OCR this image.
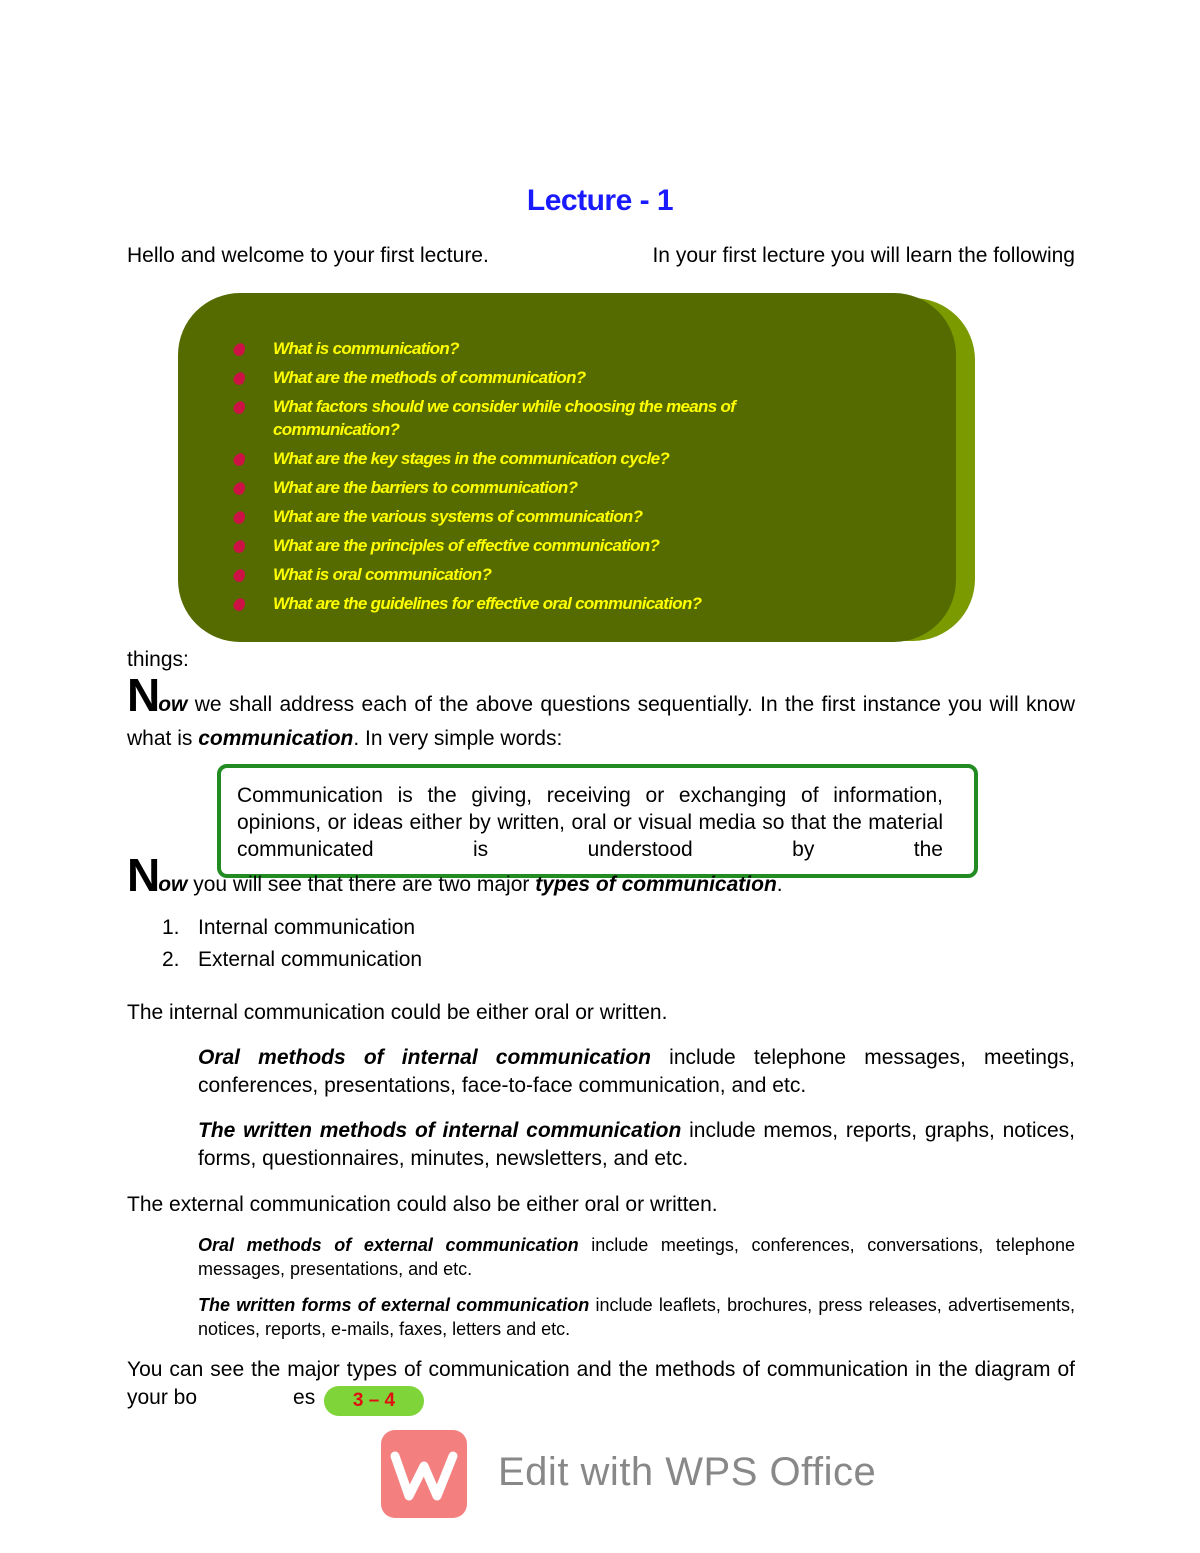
Lecture - 1
Hello and welcome to your first lecture.	In your first lecture you will learn the following
What is communication?
What are the methods of communication?
What factors should we consider while choosing the means of communication?
What are the key stages in the communication cycle?
What are the barriers to communication?
What are the various systems of communication?
What are the principles of effective communication?
What is oral communication?
What are the guidelines for effective oral communication?
things:
Now we shall address each of the above questions sequentially. In the first instance you will know what is communication. In very simple words:
Communication is the giving, receiving or exchanging of information, opinions, or ideas either by written, oral or visual media so that the material communicated is understood by the
Now you will see that there are two major types of communication.
1. Internal communication
2. External communication
The internal communication could be either oral or written.
Oral methods of internal communication include telephone messages, meetings, conferences, presentations, face-to-face communication, and etc.
The written methods of internal communication include memos, reports, graphs, notices, forms, questionnaires, minutes, newsletters, and etc.
The external communication could also be either oral or written.
Oral methods of external communication include meetings, conferences, conversations, telephone messages, presentations, and etc.
The written forms of external communication include leaflets, brochures, press releases, advertisements, notices, reports, e-mails, faxes, letters and etc.
You can see the major types of communication and the methods of communication in the diagram of your bo	es	3 – 4
Edit with WPS Office
